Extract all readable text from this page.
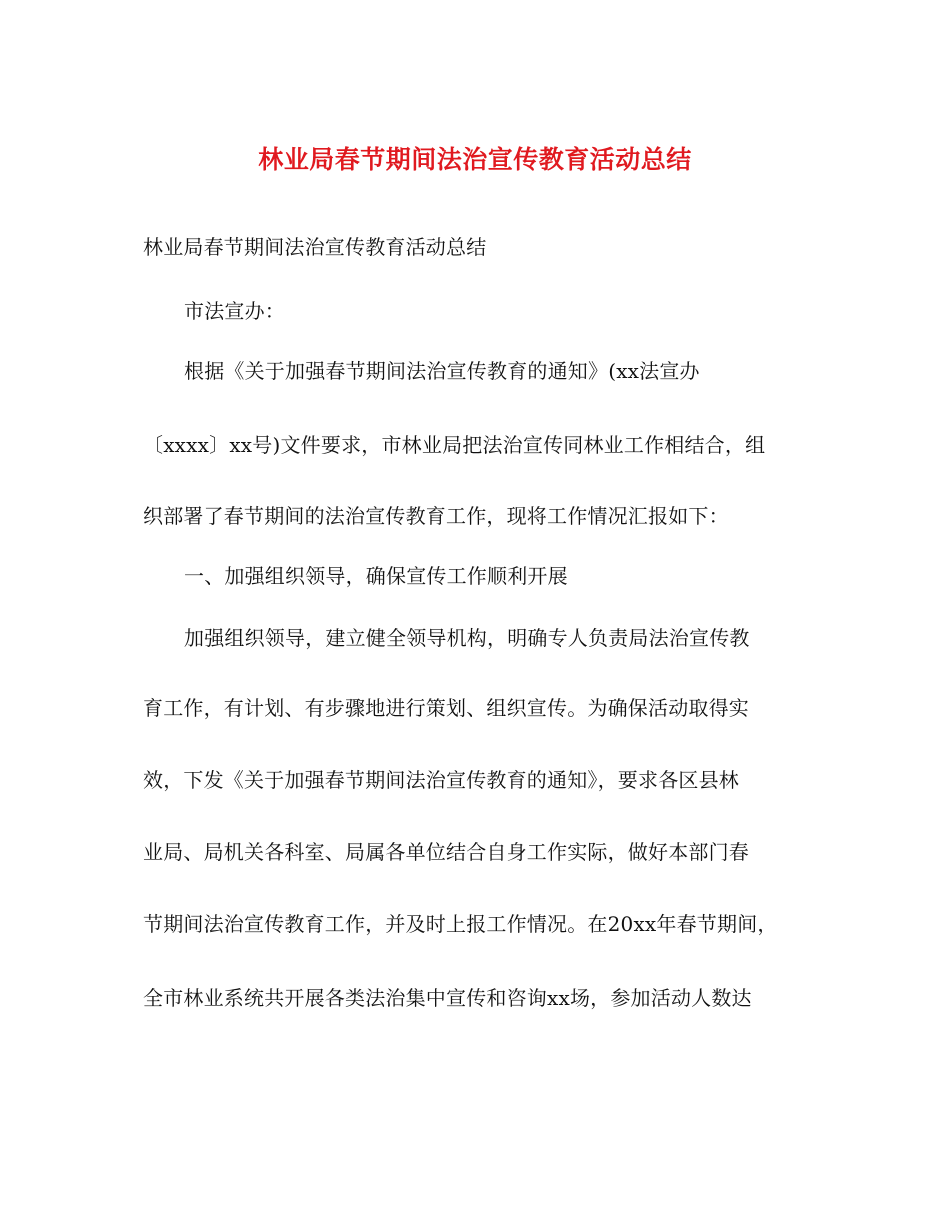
林业局春节期间法治宣传教育活动总结
林业局春节期间法治宣传教育活动总结
市法宣办：
根据《关于加强春节期间法治宣传教育的通知》(xx法宣办
〔xxxx〕xx号)文件要求，市林业局把法治宣传同林业工作相结合，组
织部署了春节期间的法治宣传教育工作，现将工作情况汇报如下：
一、加强组织领导，确保宣传工作顺利开展
加强组织领导，建立健全领导机构，明确专人负责局法治宣传教
育工作，有计划、有步骤地进行策划、组织宣传。为确保活动取得实
效，下发《关于加强春节期间法治宣传教育的通知》，要求各区县林
业局、局机关各科室、局属各单位结合自身工作实际，做好本部门春
节期间法治宣传教育工作，并及时上报工作情况。在20xx年春节期间，
全市林业系统共开展各类法治集中宣传和咨询xx场，参加活动人数达
